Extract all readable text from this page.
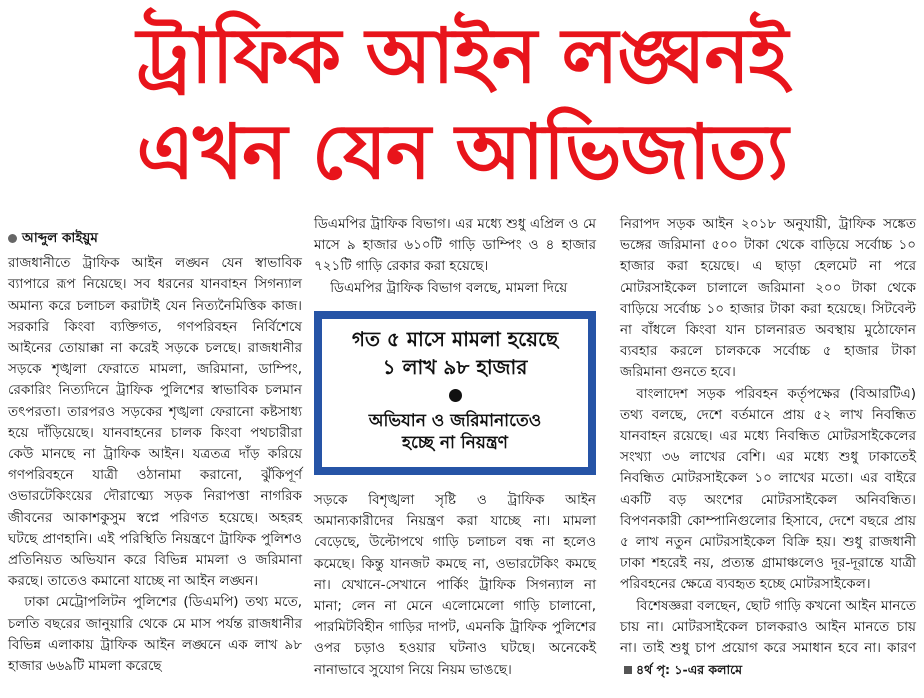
ট্রাফিক আইন লঙ্ঘনই
এখন যেন আভিজাত্য
আব্দুল কাইয়ুম

রাজধানীতে ট্রাফিক আইন লঙ্ঘন যেন স্বাভাবিক ব্যাপারে রূপ নিয়েছে। সব ধরনের যানবাহন সিগন্যাল অমান্য করে চলাচল করাটাই যেন নিত্যনৈমিত্তিক কাজ। সরকারি কিংবা ব্যক্তিগত, গণপরিবহন নির্বিশেষে আইনের তোয়াক্কা না করেই সড়কে চলছে। রাজধানীর সড়কে শৃঙ্খলা ফেরাতে মামলা, জরিমানা, ডাম্পিং, রেকারিং নিত্যদিনে ট্রাফিক পুলিশের স্বাভাবিক চলমান তৎপরতা। তারপরও সড়কের শৃঙ্খলা ফেরানো কষ্টসাধ্য হয়ে দাঁড়িয়েছে। যানবাহনের চালক কিংবা পথচারীরা কেউ মানছে না ট্রাফিক আইন। যত্রতত্র দাঁড় করিয়ে গণপরিবহনে যাত্রী ওঠানামা করানো, ঝুঁকিপূর্ণ ওভারটেকিংয়ের দৌরাত্ম্যে সড়ক নিরাপত্তা নাগরিক জীবনের আকাশকুসুম স্বপ্নে পরিণত হয়েছে। অহরহ ঘটছে প্রাণহানি। এই পরিস্থিতি নিয়ন্ত্রণে ট্রাফিক পুলিশও প্রতিনিয়ত অভিযান করে বিভিন্ন মামলা ও জরিমানা করছে। তাতেও কমানো যাচ্ছে না আইন লঙ্ঘন।

ঢাকা মেট্রোপলিটন পুলিশের (ডিএমপি) তথ্য মতে, চলতি বছরের জানুয়ারি থেকে মে মাস পর্যন্ত রাজধানীর বিভিন্ন এলাকায় ট্রাফিক আইন লঙ্ঘনে এক লাখ ৯৮ হাজার ৬৬৯টি মামলা করেছে

ডিএমপির ট্রাফিক বিভাগ। এর মধ্যে শুধু এপ্রিল ও মে মাসে ৯ হাজার ৬১০টি গাড়ি ডাম্পিং ও ৪ হাজার ৭২১টি গাড়ি রেকার করা হয়েছে।

ডিএমপির ট্রাফিক বিভাগ বলছে, মামলা দিয়ে

গত ৫ মাসে মামলা হয়েছে
১ লাখ ৯৮ হাজার
অভিযান ও জরিমানাতেও
হচ্ছে না নিয়ন্ত্রণ

সড়কে বিশৃঙ্খলা সৃষ্টি ও ট্রাফিক আইন অমান্যকারীদের নিয়ন্ত্রণ করা যাচ্ছে না। মামলা বেড়েছে, উল্টোপথে গাড়ি চলাচল বন্ধ না হলেও কমেছে। কিন্তু যানজট কমছে না, ওভারটেকিং কমছে না। যেখানে-সেখানে পার্কিং ট্রাফিক সিগন্যাল না মানা; লেন না মেনে এলোমেলো গাড়ি চালানো, পারমিটবিহীন গাড়ির দাপট, এমনকি ট্রাফিক পুলিশের ওপর চড়াও হওয়ার ঘটনাও ঘটছে। অনেকেই নানাভাবে সুযোগ নিয়ে নিয়ম ভাঙছে।

নিরাপদ সড়ক আইন ২০১৮ অনুযায়ী, ট্রাফিক সঙ্কেত ভঙ্গের জরিমানা ৫০০ টাকা থেকে বাড়িয়ে সর্বোচ্চ ১০ হাজার করা হয়েছে। এ ছাড়া হেলমেট না পরে মোটরসাইকেল চালালে জরিমানা ২০০ টাকা থেকে বাড়িয়ে সর্বোচ্চ ১০ হাজার টাকা করা হয়েছে। সিটবেল্ট না বাঁধলে কিংবা যান চালনারত অবস্থায় মুঠোফোন ব্যবহার করলে চালককে সর্বোচ্চ ৫ হাজার টাকা জরিমানা গুনতে হবে।

বাংলাদেশ সড়ক পরিবহন কর্তৃপক্ষের (বিআরটিএ) তথ্য বলছে, দেশে বর্তমানে প্রায় ৫২ লাখ নিবন্ধিত যানবাহন রয়েছে। এর মধ্যে নিবন্ধিত মোটরসাইকেলের সংখ্যা ৩৬ লাখের বেশি। এর মধ্যে শুধু ঢাকাতেই নিবন্ধিত মোটরসাইকেল ১০ লাখের মতো। এর বাইরে একটি বড় অংশের মোটরসাইকেল অনিবন্ধিত। বিপণনকারী কোম্পানিগুলোর হিসাবে, দেশে বছরে প্রায় ৫ লাখ নতুন মোটরসাইকেল বিক্রি হয়। শুধু রাজধানী ঢাকা শহরেই নয়, প্রত্যন্ত গ্রামাঞ্চলেও দূর-দূরান্তে যাত্রী পরিবহনের ক্ষেত্রে ব্যবহৃত হচ্ছে মোটরসাইকেল।

বিশেষজ্ঞরা বলছেন, ছোট গাড়ি কখনো আইন মানতে চায় না। মোটরসাইকেল চালকরাও আইন মানতে চায় না। তাই শুধু চাপ প্রয়োগ করে সমাধান হবে না। কারণ ৪র্থ পৃ: ১-এর কলামে
